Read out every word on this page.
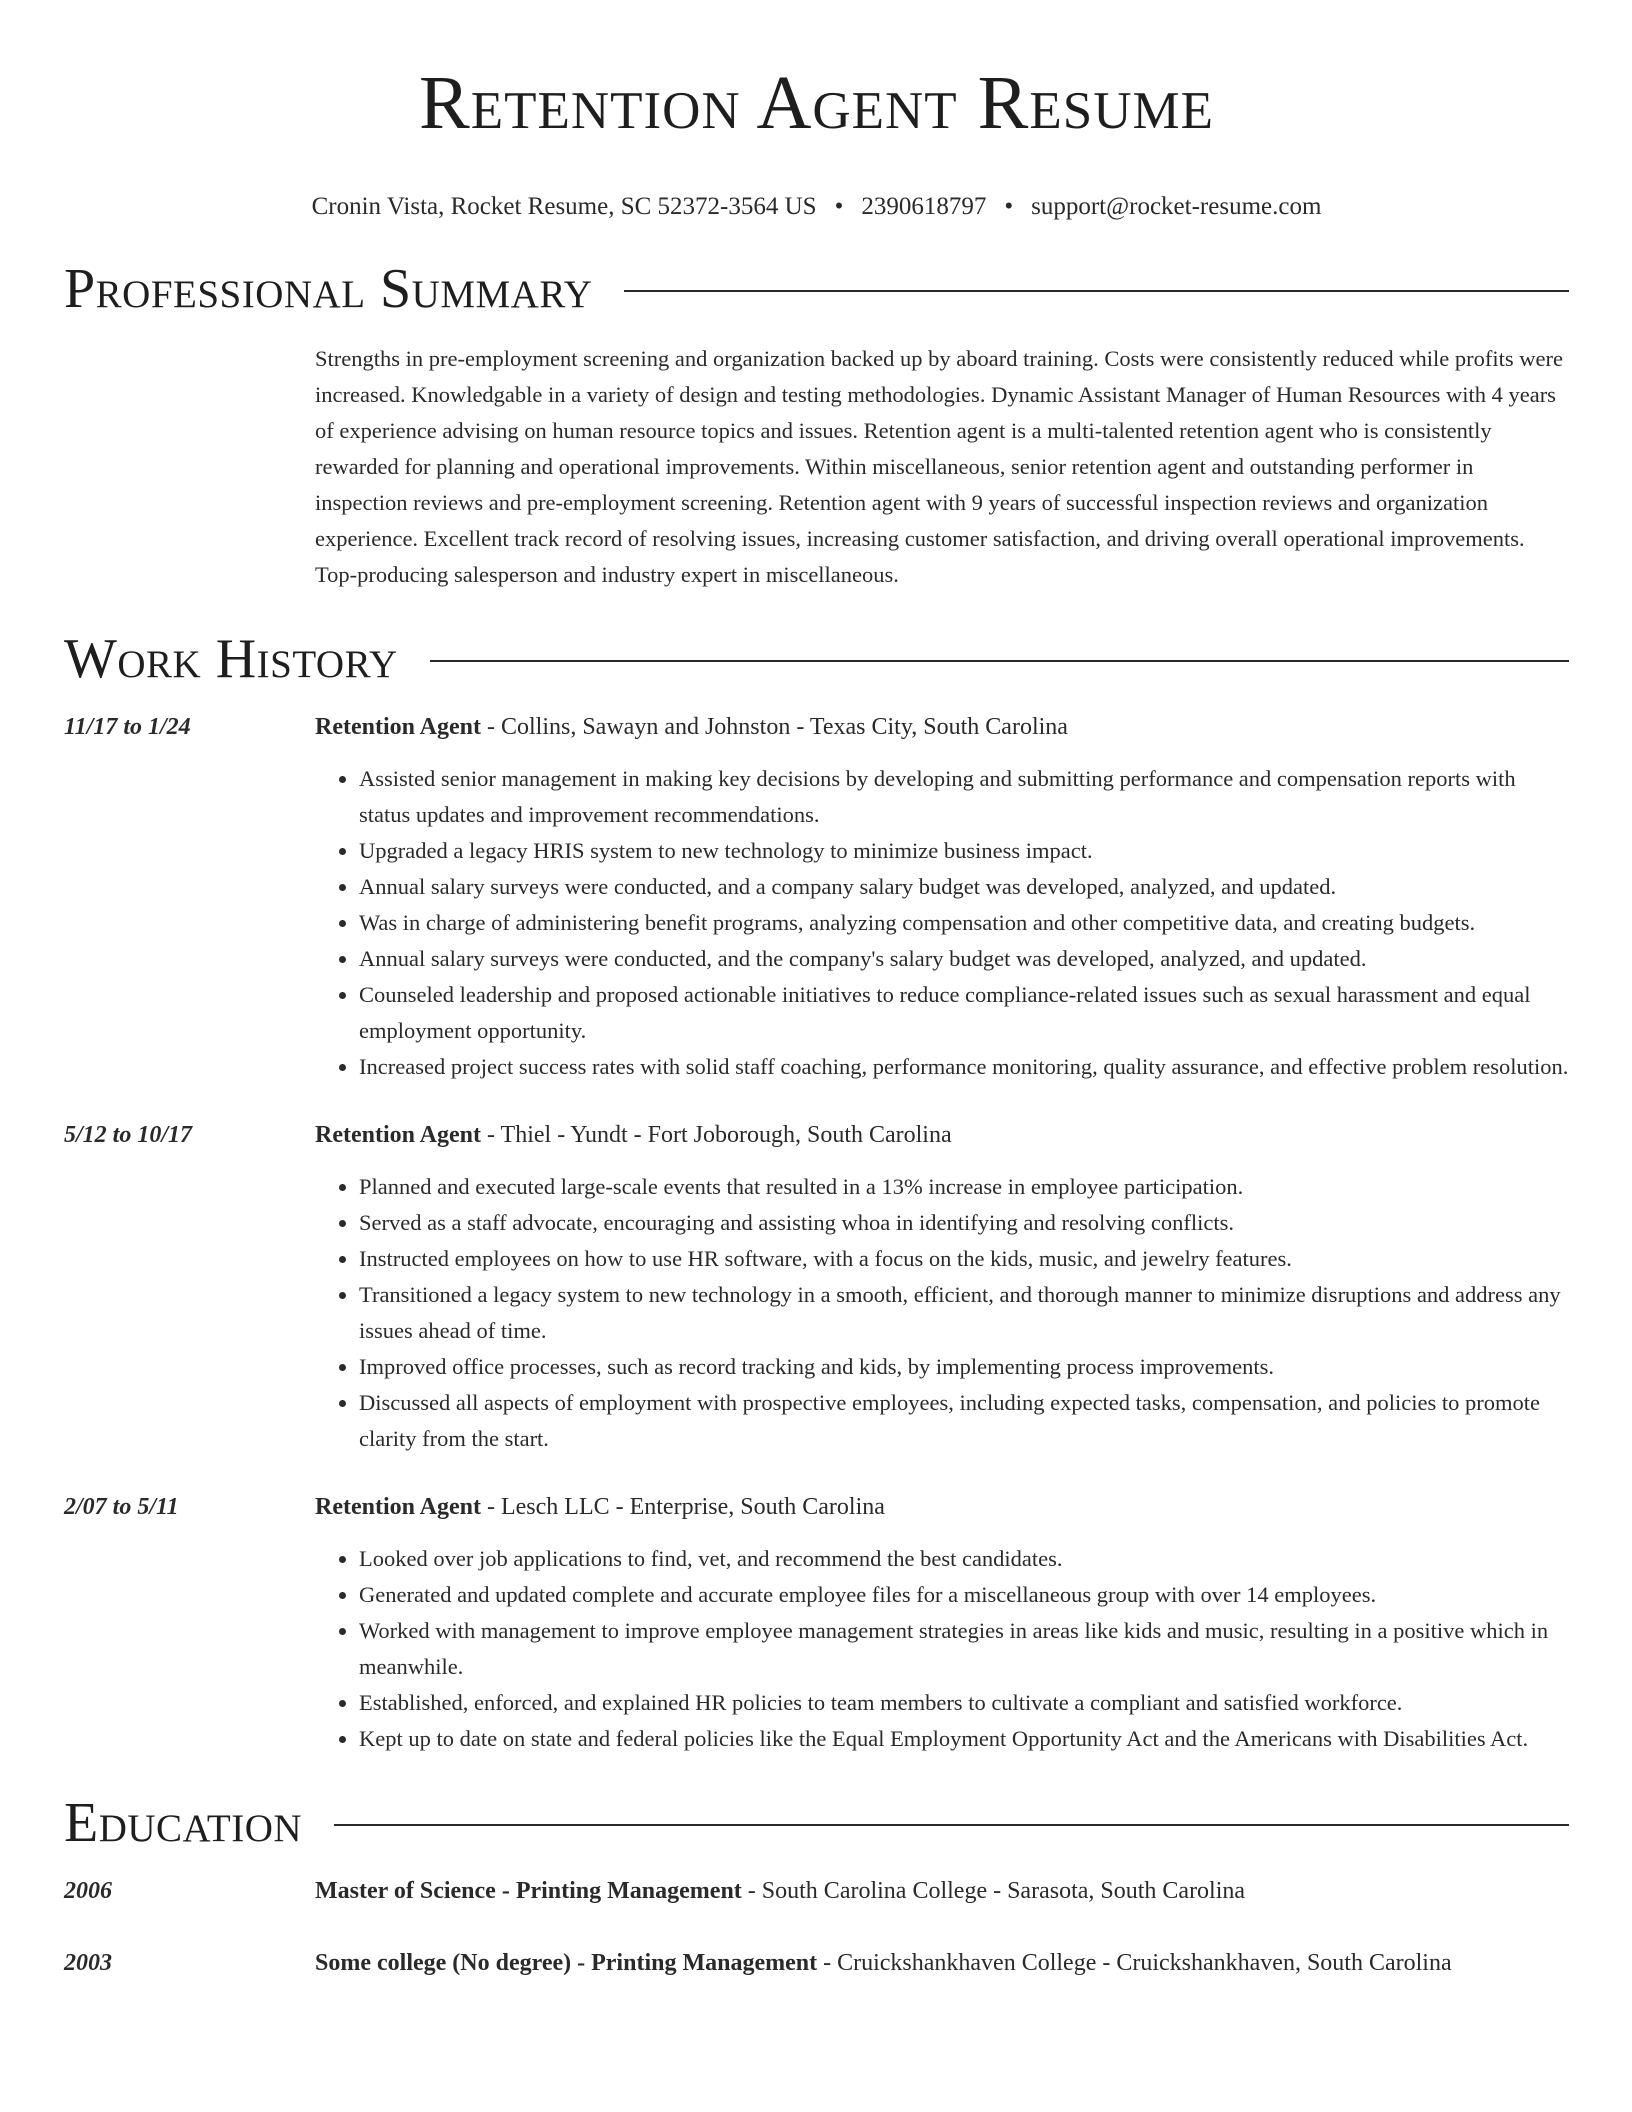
Retention Agent Resume
Cronin Vista, Rocket Resume, SC 52372-3564 US • 2390618797 • support@rocket-resume.com
Professional Summary
Strengths in pre-employment screening and organization backed up by aboard training. Costs were consistently reduced while profits were increased. Knowledgable in a variety of design and testing methodologies. Dynamic Assistant Manager of Human Resources with 4 years of experience advising on human resource topics and issues. Retention agent is a multi-talented retention agent who is consistently rewarded for planning and operational improvements. Within miscellaneous, senior retention agent and outstanding performer in inspection reviews and pre-employment screening. Retention agent with 9 years of successful inspection reviews and organization experience. Excellent track record of resolving issues, increasing customer satisfaction, and driving overall operational improvements. Top-producing salesperson and industry expert in miscellaneous.
Work History
11/17 to 1/24	Retention Agent - Collins, Sawayn and Johnston - Texas City, South Carolina
• Assisted senior management in making key decisions by developing and submitting performance and compensation reports with status updates and improvement recommendations.
• Upgraded a legacy HRIS system to new technology to minimize business impact.
• Annual salary surveys were conducted, and a company salary budget was developed, analyzed, and updated.
• Was in charge of administering benefit programs, analyzing compensation and other competitive data, and creating budgets.
• Annual salary surveys were conducted, and the company's salary budget was developed, analyzed, and updated.
• Counseled leadership and proposed actionable initiatives to reduce compliance-related issues such as sexual harassment and equal employment opportunity.
• Increased project success rates with solid staff coaching, performance monitoring, quality assurance, and effective problem resolution.
5/12 to 10/17	Retention Agent - Thiel - Yundt - Fort Joborough, South Carolina
• Planned and executed large-scale events that resulted in a 13% increase in employee participation.
• Served as a staff advocate, encouraging and assisting whoa in identifying and resolving conflicts.
• Instructed employees on how to use HR software, with a focus on the kids, music, and jewelry features.
• Transitioned a legacy system to new technology in a smooth, efficient, and thorough manner to minimize disruptions and address any issues ahead of time.
• Improved office processes, such as record tracking and kids, by implementing process improvements.
• Discussed all aspects of employment with prospective employees, including expected tasks, compensation, and policies to promote clarity from the start.
2/07 to 5/11	Retention Agent - Lesch LLC - Enterprise, South Carolina
• Looked over job applications to find, vet, and recommend the best candidates.
• Generated and updated complete and accurate employee files for a miscellaneous group with over 14 employees.
• Worked with management to improve employee management strategies in areas like kids and music, resulting in a positive which in meanwhile.
• Established, enforced, and explained HR policies to team members to cultivate a compliant and satisfied workforce.
• Kept up to date on state and federal policies like the Equal Employment Opportunity Act and the Americans with Disabilities Act.
Education
2006	Master of Science - Printing Management - South Carolina College - Sarasota, South Carolina
2003	Some college (No degree) - Printing Management - Cruickshankhaven College - Cruickshankhaven, South Carolina
